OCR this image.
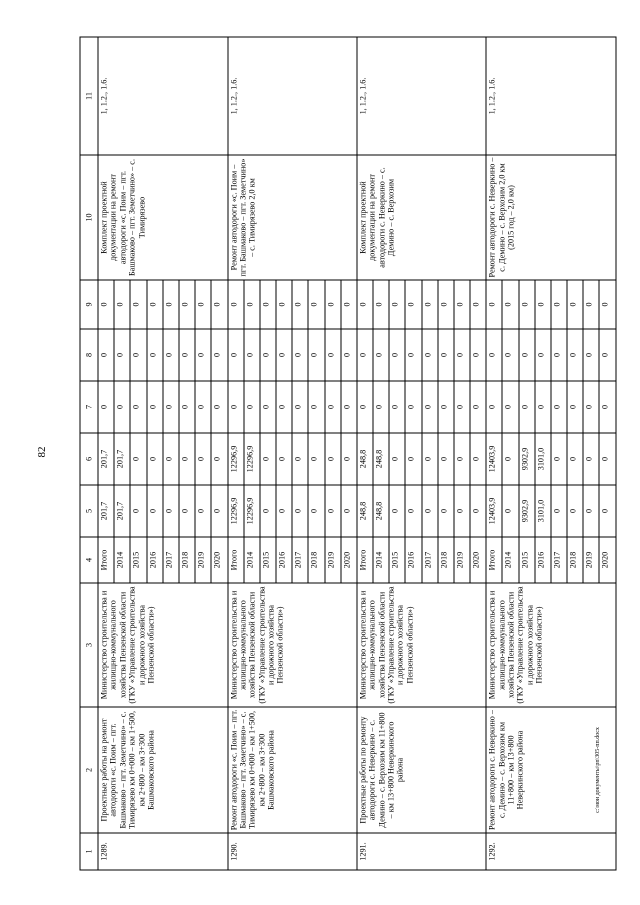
82
1	2	3	4	5	6	7	8	9	10	11
1289.	Проектные работы на ремонт автодороги «с. Поим – пгт. Башмаково – пгт. Земетчино» – с. Тимирязево км 0+000 – км 1+500, км 2+800 – км 3+300 Башмаковского района	Министерство строительства и жилищно-коммунального хозяйства Пензенской области (ГКУ «Управление строительства и дорожного хозяйства Пензенской области»)	Итого	201,7	201,7	0	0	0	Комплект проектной документации на ремонт автодороги «с. Поим – пгт. Башмаково – пгт. Земетчино» – с. Тимирязево	1, 1.2., 1.6.
			2014	201,7	201,7	0	0	0		
			2015	0	0	0	0	0		
			2016	0	0	0	0	0		
			2017	0	0	0	0	0		
			2018	0	0	0	0	0		
			2019	0	0	0	0	0		
			2020	0	0	0	0	0		
1290.	Ремонт автодороги «с. Поим – пгт. Башмаково – пгт. Земетчино» – с. Тимирязево км 0+000 – км 1+500, км 2+800 – км 3+300 Башмаковского района	Министерство строительства и жилищно-коммунального хозяйства Пензенской области (ГКУ «Управление строительства и дорожного хозяйства Пензенской области»)	Итого	12296,9	12296,9	0	0	0	Ремонт автодороги «с. Поим – пгт. Башмаково – пгт. Земетчино» – с. Тимирязево 2,0 км	1, 1.2., 1.6.
			2014	12296,9	12296,9	0	0	0		
			2015	0	0	0	0	0		
			2016	0	0	0	0	0		
			2017	0	0	0	0	0		
			2018	0	0	0	0	0		
			2019	0	0	0	0	0		
			2020	0	0	0	0	0		
1291.	Проектные работы по ремонту автодороги с. Неверкино – с. Демино – с. Верхозим км 11+800 – км 13+800 Неверкинского района	Министерство строительства и жилищно-коммунального хозяйства Пензенской области (ГКУ «Управление строительства и дорожного хозяйства Пензенской области»)	Итого	248,8	248,8	0	0	0	Комплект проектной документации на ремонт автодороги с. Неверкино – с. Демино – с. Верхозим	1, 1.2., 1.6.
			2014	248,8	248,8	0	0	0		
			2015	0	0	0	0	0		
			2016	0	0	0	0	0		
			2017	0	0	0	0	0		
			2018	0	0	0	0	0		
			2019	0	0	0	0	0		
			2020	0	0	0	0	0		
1292.	Ремонт автодороги с. Неверкино – с. Демино – с. Верхозим км 11+800 – км 13+800 Неверкинского района	Министерство строительства и жилищно-коммунального хозяйства Пензенской области (ГКУ «Управление строительства и дорожного хозяйства Пензенской области»)	Итого	12403,9	12403,9	0	0	0	Ремонт автодороги с. Неверкино – с. Демино – с. Верхозим 2,0 км (2015 год – 2,0 км)	1, 1.2., 1.6.
			2014	0	0	0	0	0		
			2015	9302,9	9302,9	0	0	0		
			2016	3101,0	3101,0	0	0	0		
			2017	0	0	0	0	0		
			2018	0	0	0	0	0		
			2019	0	0	0	0	0		
			2020	0	0	0	0	0		
c:\мои документы\рп\305-пп.docx
